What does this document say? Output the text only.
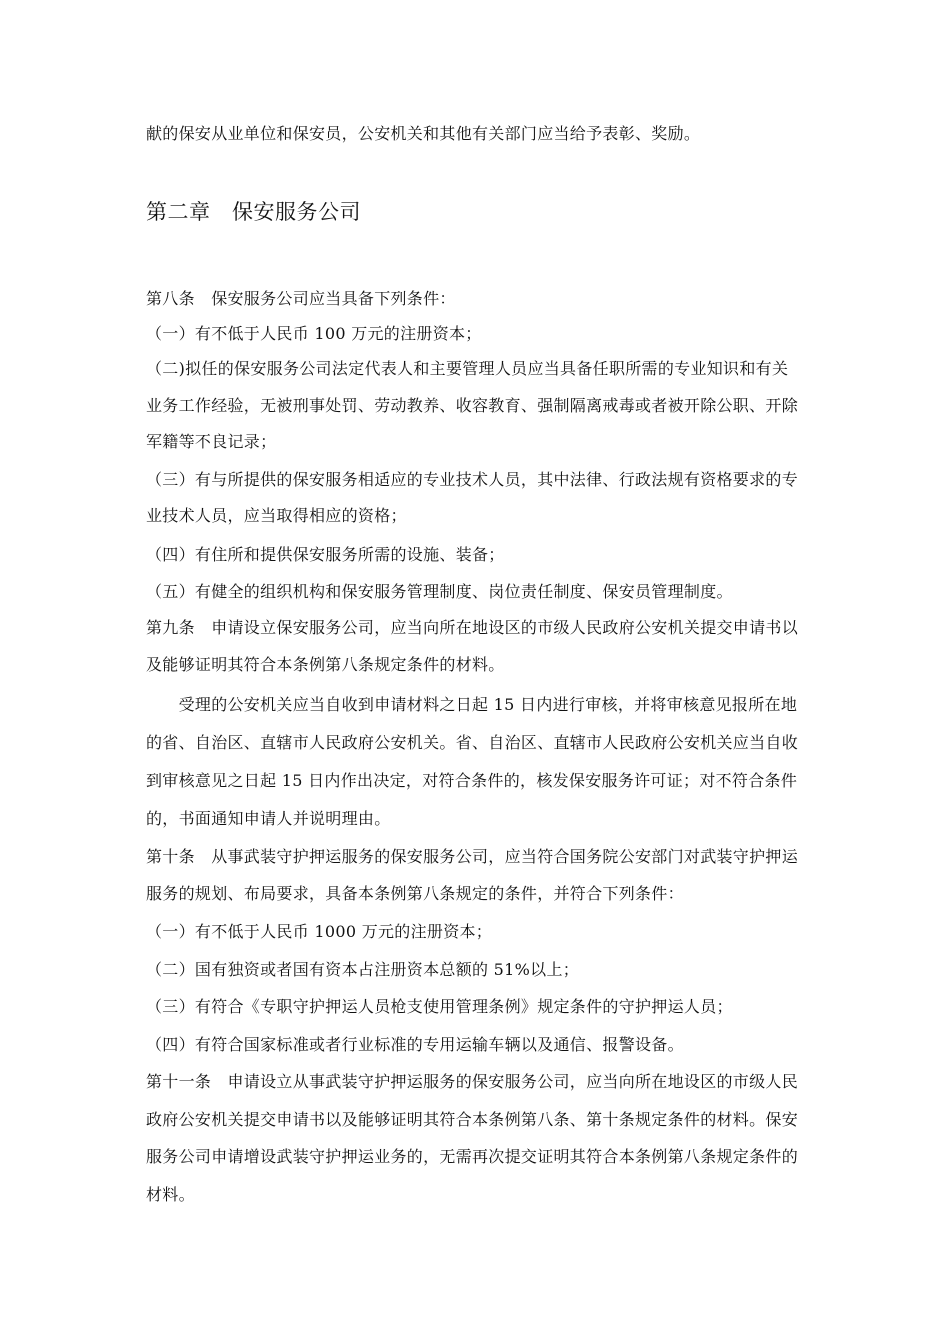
献的保安从业单位和保安员，公安机关和其他有关部门应当给予表彰、奖励。
第二章　保安服务公司
第八条　保安服务公司应当具备下列条件：
（一）有不低于人民币 100 万元的注册资本；
（二)拟任的保安服务公司法定代表人和主要管理人员应当具备任职所需的专业知识和有关
业务工作经验，无被刑事处罚、劳动教养、收容教育、强制隔离戒毒或者被开除公职、开除
军籍等不良记录；
（三）有与所提供的保安服务相适应的专业技术人员，其中法律、行政法规有资格要求的专
业技术人员，应当取得相应的资格；
（四）有住所和提供保安服务所需的设施、装备；
（五）有健全的组织机构和保安服务管理制度、岗位责任制度、保安员管理制度。
第九条　申请设立保安服务公司，应当向所在地设区的市级人民政府公安机关提交申请书以
及能够证明其符合本条例第八条规定条件的材料。
　　受理的公安机关应当自收到申请材料之日起 15 日内进行审核，并将审核意见报所在地
的省、自治区、直辖市人民政府公安机关。省、自治区、直辖市人民政府公安机关应当自收
到审核意见之日起 15 日内作出决定，对符合条件的，核发保安服务许可证；对不符合条件
的，书面通知申请人并说明理由。
第十条　从事武装守护押运服务的保安服务公司，应当符合国务院公安部门对武装守护押运
服务的规划、布局要求，具备本条例第八条规定的条件，并符合下列条件：
（一）有不低于人民币 1000 万元的注册资本；
（二）国有独资或者国有资本占注册资本总额的 51%以上；
（三）有符合《专职守护押运人员枪支使用管理条例》规定条件的守护押运人员；
（四）有符合国家标准或者行业标准的专用运输车辆以及通信、报警设备。
第十一条　申请设立从事武装守护押运服务的保安服务公司，应当向所在地设区的市级人民
政府公安机关提交申请书以及能够证明其符合本条例第八条、第十条规定条件的材料。保安
服务公司申请增设武装守护押运业务的，无需再次提交证明其符合本条例第八条规定条件的
材料。
